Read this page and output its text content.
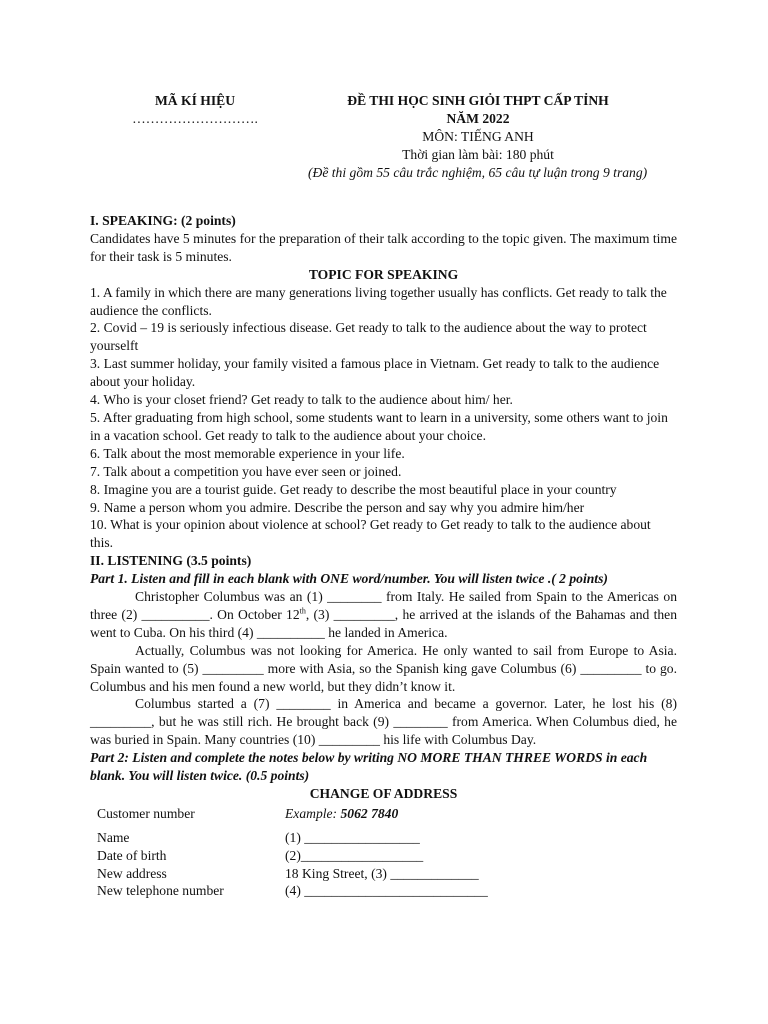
MÃ KÍ HIỆU
……………………….
ĐỀ THI HỌC SINH GIỎI THPT CẤP TỈNH
NĂM 2022
MÔN: TIẾNG ANH
Thời gian làm bài: 180 phút
(Đề thi gồm 55 câu trắc nghiệm, 65 câu tự luận trong 9 trang)
I. SPEAKING: (2 points)
Candidates have 5 minutes for the preparation of their talk according to the topic given. The maximum time for their task is 5 minutes.
TOPIC FOR SPEAKING
1. A family in which there are many generations living together usually has conflicts. Get ready to talk the audience the conflicts.
2. Covid – 19 is seriously infectious disease. Get ready to talk to the audience about the way to protect yourselft
3. Last summer holiday, your family visited a famous place in Vietnam. Get ready to talk to the audience about your holiday.
4. Who is your closet friend? Get ready to talk to the audience about him/ her.
5. After graduating from high school, some students want to learn in a university, some others want to join in a vacation school. Get ready to talk to the audience about your choice.
6. Talk about the most memorable experience in your life.
7. Talk about a competition you have ever seen or joined.
8. Imagine you are a tourist guide. Get ready to describe the most beautiful place in your country
9. Name a person whom you admire. Describe the person and say why you admire him/her
10. What is your opinion about violence at school? Get ready to Get ready to talk to the audience about this.
II. LISTENING (3.5 points)
Part 1. Listen and fill in each blank with ONE word/number. You will listen twice .( 2 points)
Christopher Columbus was an (1) ________ from Italy. He sailed from Spain to the Americas on three (2) __________. On October 12th, (3) _________, he arrived at the islands of the Bahamas and then went to Cuba. On his third (4) __________ he landed in America.
Actually, Columbus was not looking for America. He only wanted to sail from Europe to Asia. Spain wanted to (5) _________ more with Asia, so the Spanish king gave Columbus (6) _________ to go. Columbus and his men found a new world, but they didn’t know it.
Columbus started a (7) ________ in America and became a governor. Later, he lost his (8) _________, but he was still rich. He brought back (9) ________ from America. When Columbus died, he was buried in Spain. Many countries (10) _________ his life with Columbus Day.
Part 2: Listen and complete the notes below by writing NO MORE THAN THREE WORDS in each blank. You will listen twice. (0.5 points)
CHANGE OF ADDRESS
Customer number	Example: 5062 7840
Name	(1) _________________
Date of birth	(2)__________________
New address	18 King Street, (3) _____________
New telephone number	(4) ___________________________
